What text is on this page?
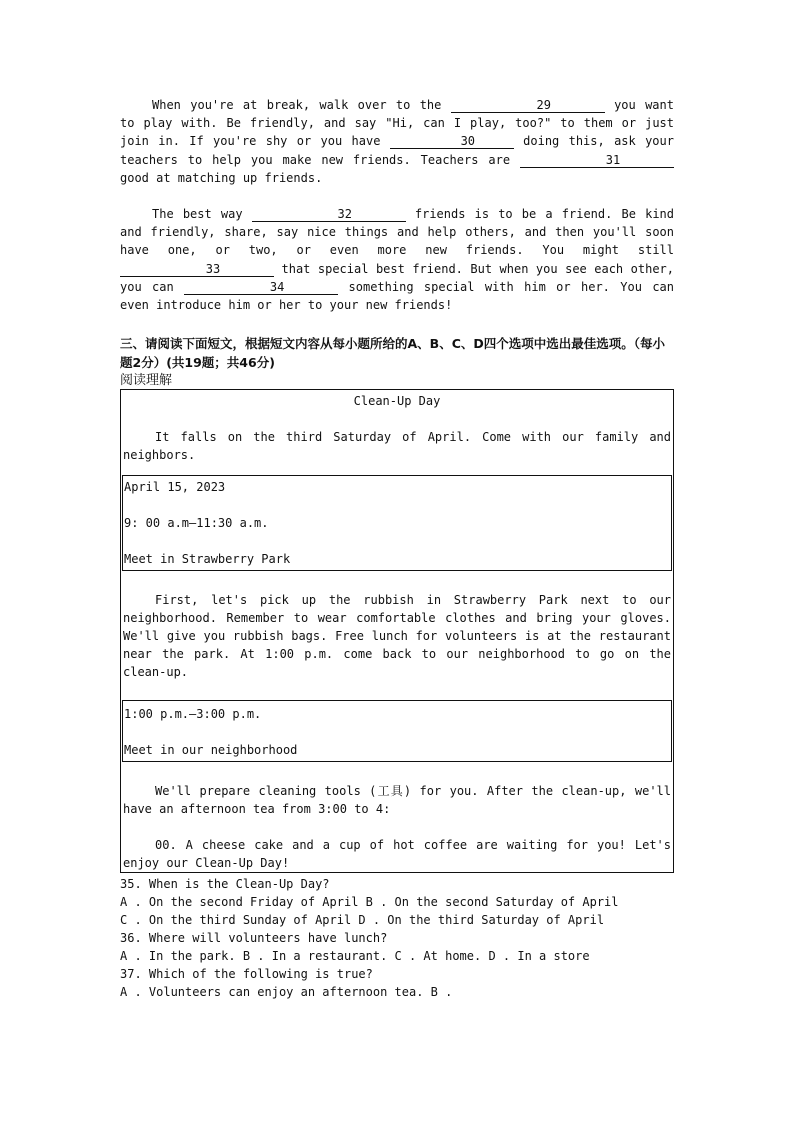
When you're at break, walk over to the	29	you want to play with. Be friendly, and say "Hi, can I play, too?" to them or just join in. If you're shy or you have	30	doing this, ask your teachers to help you make new friends. Teachers are	31 good at matching up friends.
The best way	32	friends is to be a friend. Be kind and friendly, share, say nice things and help others, and then you'll soon have one, or two, or even more new friends. You might still 33	that special best friend. But when you see each other, you can	34	something special with him or her. You can even introduce him or her to your new friends!
三、请阅读下面短文，根据短文内容从每小题所给的A、B、C、D四个选项中选出最佳选项。（每小题2分）(共19题；共46分)
阅读理解
Clean-Up Day
It falls on the third Saturday of April. Come with our family and neighbors.
April 15, 2023
9: 00 a.m—11:30 a.m.
Meet in Strawberry Park
First, let's pick up the rubbish in Strawberry Park next to our neighborhood. Remember to wear comfortable clothes and bring your gloves. We'll give you rubbish bags. Free lunch for volunteers is at the restaurant near the park. At 1:00 p.m. come back to our neighborhood to go on the clean-up.
1:00 p.m.—3:00 p.m.
Meet in our neighborhood
We'll prepare cleaning tools (工具) for you. After the clean-up, we'll have an afternoon tea from 3:00 to 4:
00. A cheese cake and a cup of hot coffee are waiting for you! Let's enjoy our Clean-Up Day!
35. When is the Clean-Up Day?
A . On the second Friday of April B . On the second Saturday of April
C . On the third Sunday of April D . On the third Saturday of April
36. Where will volunteers have lunch?
A . In the park. B . In a restaurant. C . At home. D . In a store
37. Which of the following is true?
A . Volunteers can enjoy an afternoon tea. B .
